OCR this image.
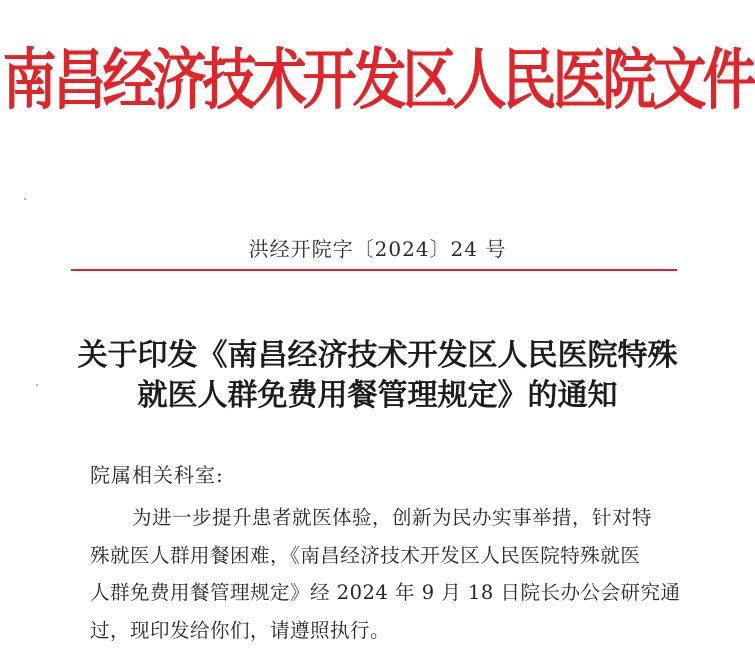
南昌经济技术开发区人民医院文件
洪经开院字〔2024〕24 号
关于印发《南昌经济技术开发区人民医院特殊
就医人群免费用餐管理规定》的通知
院属相关科室:
为进一步提升患者就医体验，创新为民办实事举措，针对特
殊就医人群用餐困难，《南昌经济技术开发区人民医院特殊就医
人群免费用餐管理规定》经 2024 年 9 月 18 日院长办公会研究通
过，现印发给你们，请遵照执行。
